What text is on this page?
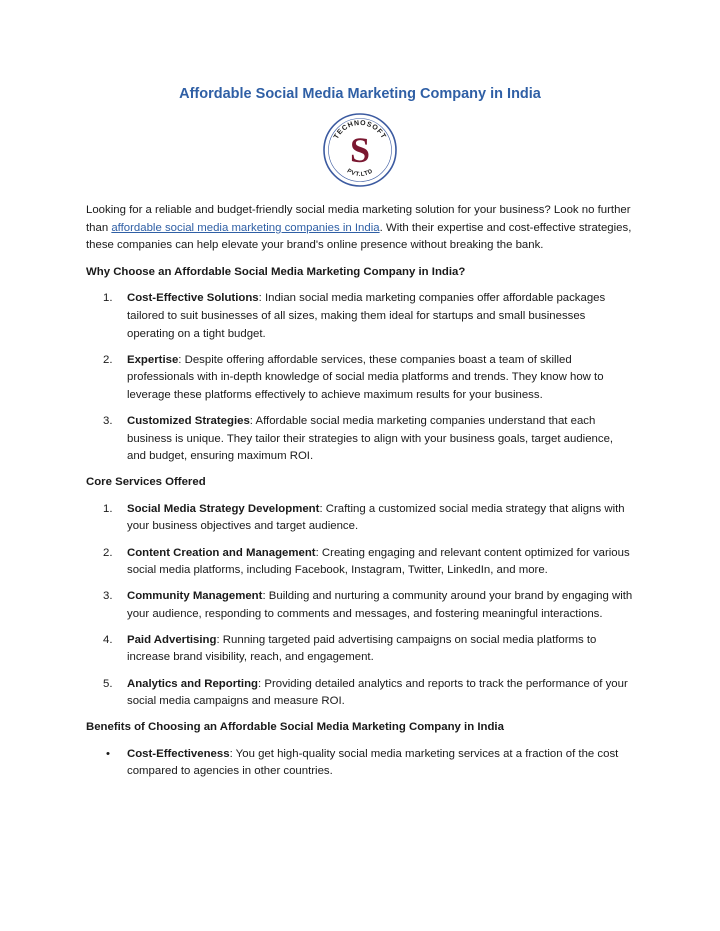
Affordable Social Media Marketing Company in India
TECHNOSOFT
PVT.LTD
S

Looking for a reliable and budget-friendly social media marketing solution for your business? Look no further than affordable social media marketing companies in India. With their expertise and cost-effective strategies, these companies can help elevate your brand's online presence without breaking the bank.

Why Choose an Affordable Social Media Marketing Company in India?
1. Cost-Effective Solutions: Indian social media marketing companies offer affordable packages tailored to suit businesses of all sizes, making them ideal for startups and small businesses operating on a tight budget.
2. Expertise: Despite offering affordable services, these companies boast a team of skilled professionals with in-depth knowledge of social media platforms and trends. They know how to leverage these platforms effectively to achieve maximum results for your business.
3. Customized Strategies: Affordable social media marketing companies understand that each business is unique. They tailor their strategies to align with your business goals, target audience, and budget, ensuring maximum ROI.
Core Services Offered
1. Social Media Strategy Development: Crafting a customized social media strategy that aligns with your business objectives and target audience.
2. Content Creation and Management: Creating engaging and relevant content optimized for various social media platforms, including Facebook, Instagram, Twitter, LinkedIn, and more.
3. Community Management: Building and nurturing a community around your brand by engaging with your audience, responding to comments and messages, and fostering meaningful interactions.
4. Paid Advertising: Running targeted paid advertising campaigns on social media platforms to increase brand visibility, reach, and engagement.
5. Analytics and Reporting: Providing detailed analytics and reports to track the performance of your social media campaigns and measure ROI.
Benefits of Choosing an Affordable Social Media Marketing Company in India
• Cost-Effectiveness: You get high-quality social media marketing services at a fraction of the cost compared to agencies in other countries.
